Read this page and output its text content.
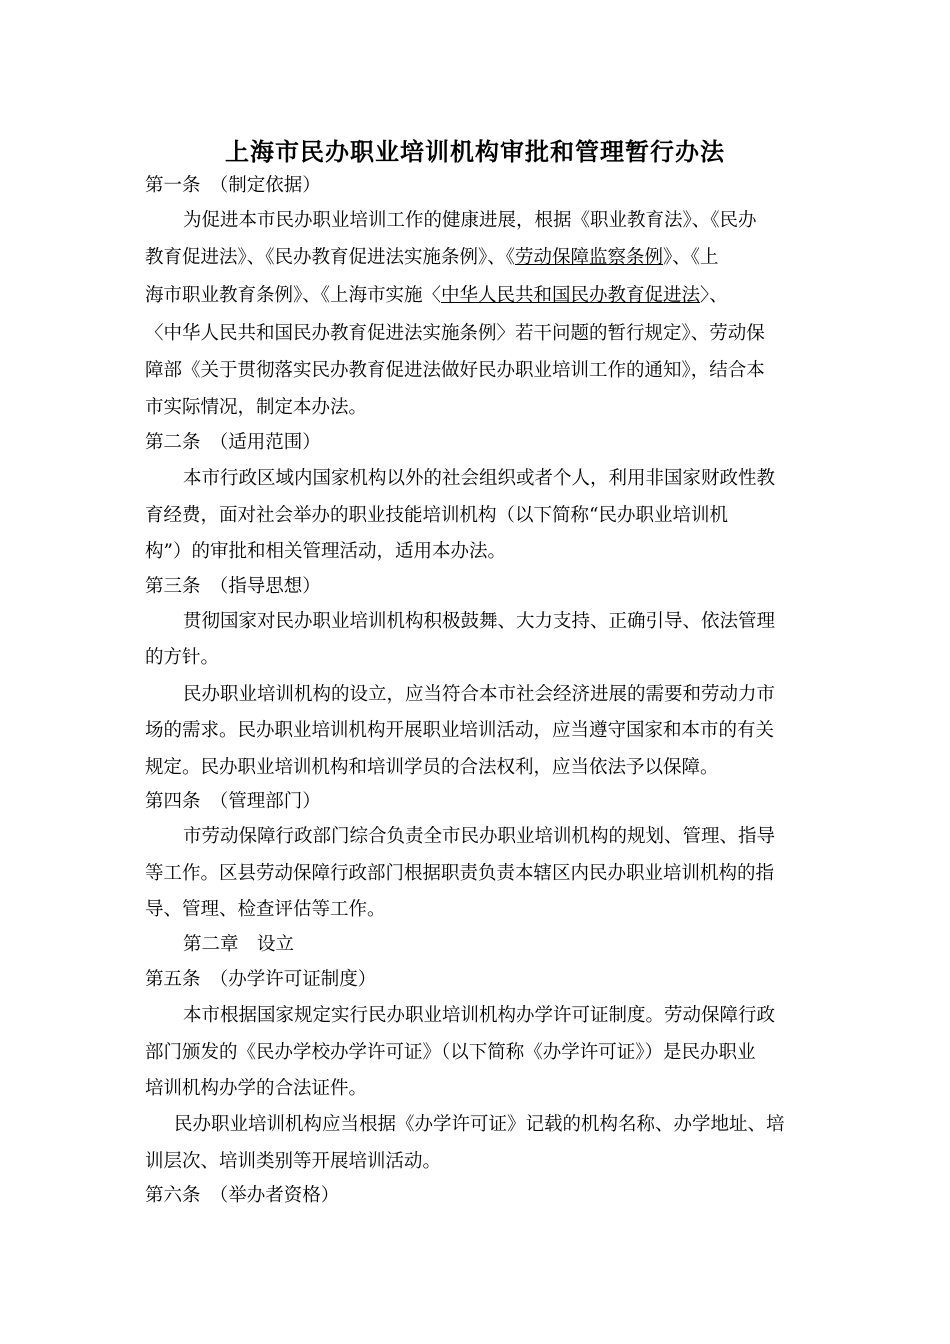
上海市民办职业培训机构审批和管理暂行办法
第一条　（制定依据）
为促进本市民办职业培训工作的健康进展，根据《职业教育法》、《民办
教育促进法》、《民办教育促进法实施条例》、《劳动保障监察条例》、《上
海市职业教育条例》、《上海市实施〈中华人民共和国民办教育促进法〉、
〈中华人民共和国民办教育促进法实施条例〉若干问题的暂行规定》、劳动保
障部《关于贯彻落实民办教育促进法做好民办职业培训工作的通知》，结合本
市实际情况，制定本办法。
第二条　（适用范围）
本市行政区域内国家机构以外的社会组织或者个人，利用非国家财政性教
育经费，面对社会举办的职业技能培训机构（以下简称“民办职业培训机
构”）的审批和相关管理活动，适用本办法。
第三条　（指导思想）
贯彻国家对民办职业培训机构积极鼓舞、大力支持、正确引导、依法管理
的方针。
民办职业培训机构的设立，应当符合本市社会经济进展的需要和劳动力市
场的需求。民办职业培训机构开展职业培训活动，应当遵守国家和本市的有关
规定。民办职业培训机构和培训学员的合法权利，应当依法予以保障。
第四条　（管理部门）
市劳动保障行政部门综合负责全市民办职业培训机构的规划、管理、指导
等工作。区县劳动保障行政部门根据职责负责本辖区内民办职业培训机构的指
导、管理、检查评估等工作。
第二章　设立
第五条　（办学许可证制度）
本市根据国家规定实行民办职业培训机构办学许可证制度。劳动保障行政
部门颁发的《民办学校办学许可证》（以下简称《办学许可证》）是民办职业
培训机构办学的合法证件。
民办职业培训机构应当根据《办学许可证》记载的机构名称、办学地址、培
训层次、培训类别等开展培训活动。
第六条　（举办者资格）
